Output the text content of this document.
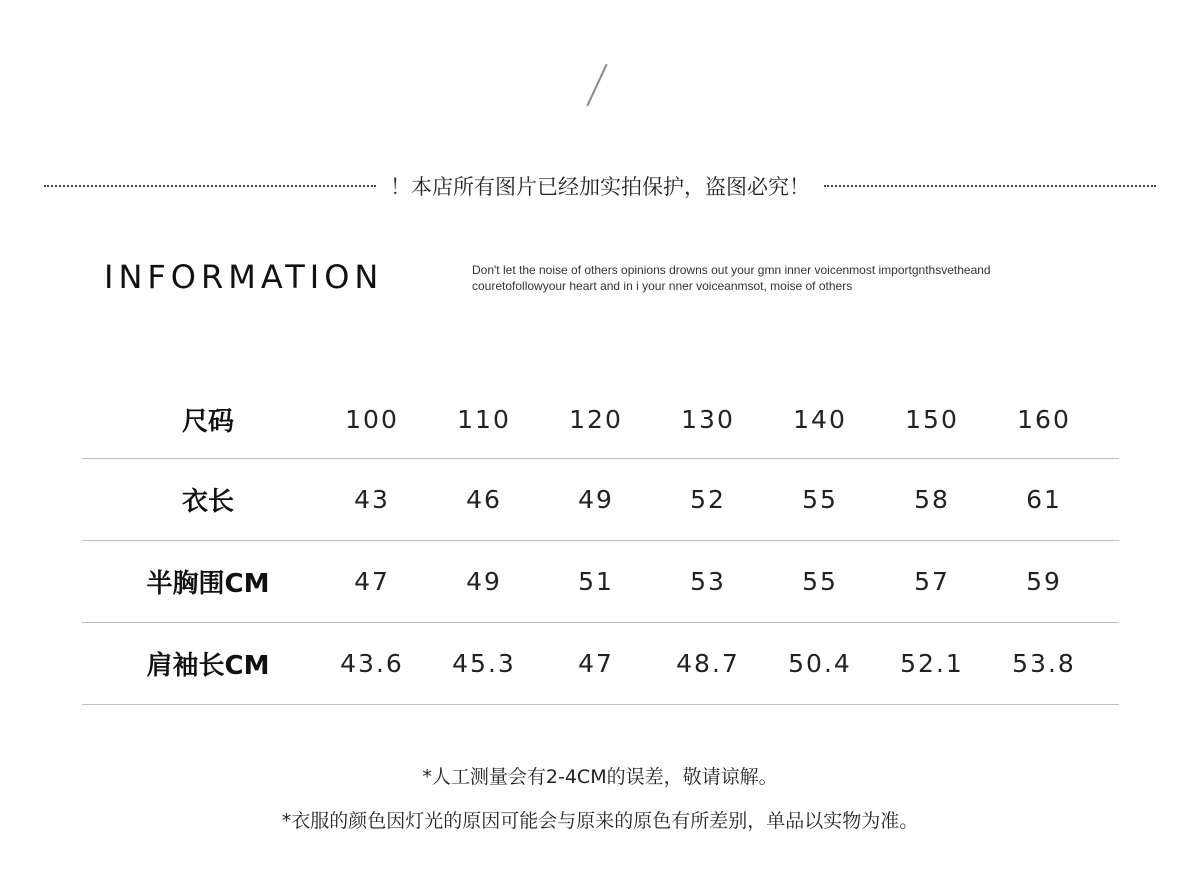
！本店所有图片已经加实拍保护，盗图必究！
INFORMATION	Don't let the noise of others opinions drowns out your gmn inner voicenmost importgnthsvetheand
couretofollowyour heart and in i your nner voiceanmsot, moise of others
尺码	100	110	120	130	140	150	160
衣长	43	46	49	52	55	58	61
半胸围CM	47	49	51	53	55	57	59
肩袖长CM	43.6	45.3	47	48.7	50.4	52.1	53.8
*人工测量会有2-4CM的误差，敬请谅解。
*衣服的颜色因灯光的原因可能会与原来的原色有所差别，单品以实物为准。
